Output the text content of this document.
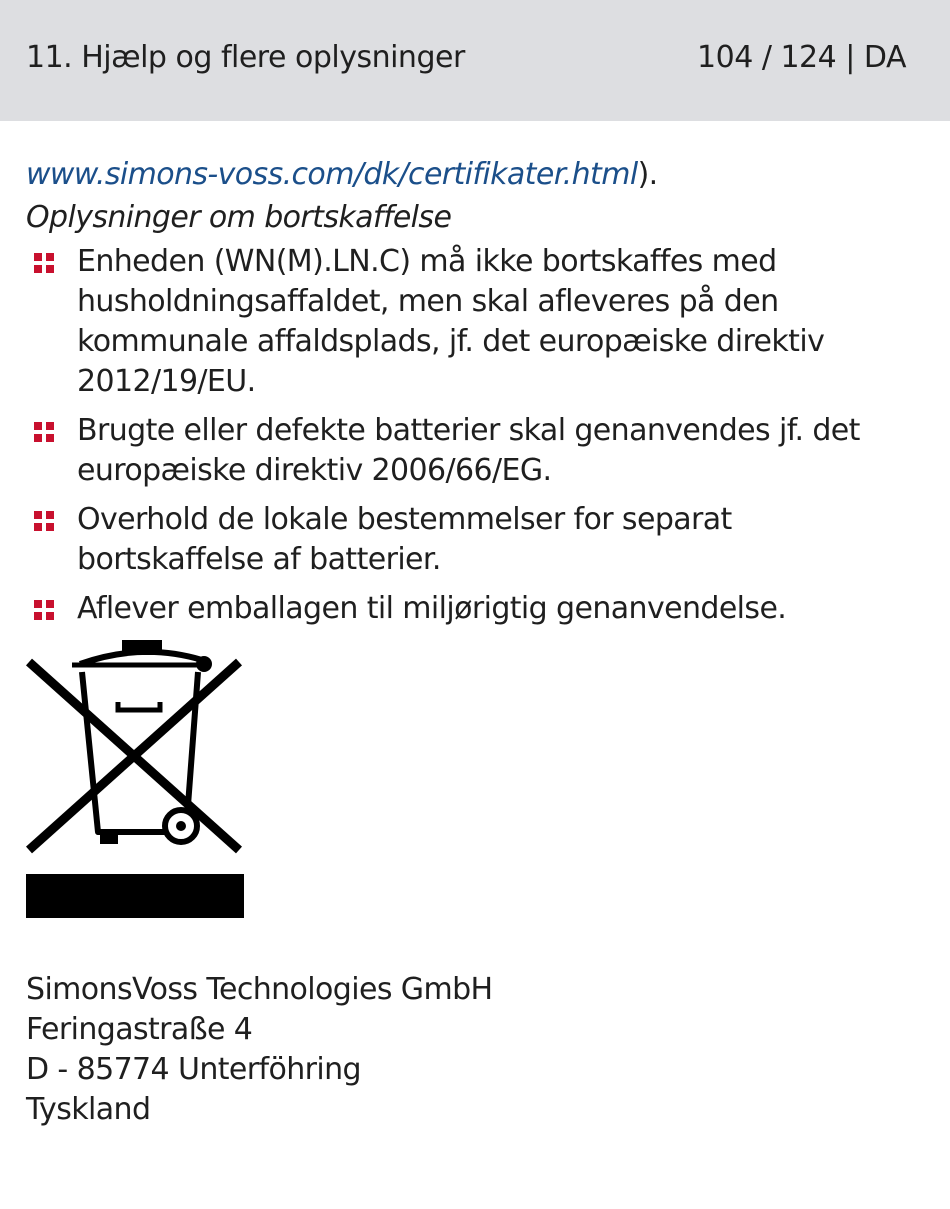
11. Hjælp og flere oplysninger	104 / 124 | DA
www.simons-voss.com/dk/certifikater.html).
Oplysninger om bortskaffelse
Enheden (WN(M).LN.C) må ikke bortskaffes med husholdningsaffaldet, men skal afleveres på den kommunale affaldsplads, jf. det europæiske direktiv 2012/19/EU.
Brugte eller defekte batterier skal genanvendes jf. det europæiske direktiv 2006/66/EG.
Overhold de lokale bestemmelser for separat bortskaffelse af batterier.
Aflever emballagen til miljørigtig genanvendelse.
SimonsVoss Technologies GmbH
Feringastraße 4
D - 85774 Unterföhring
Tyskland
